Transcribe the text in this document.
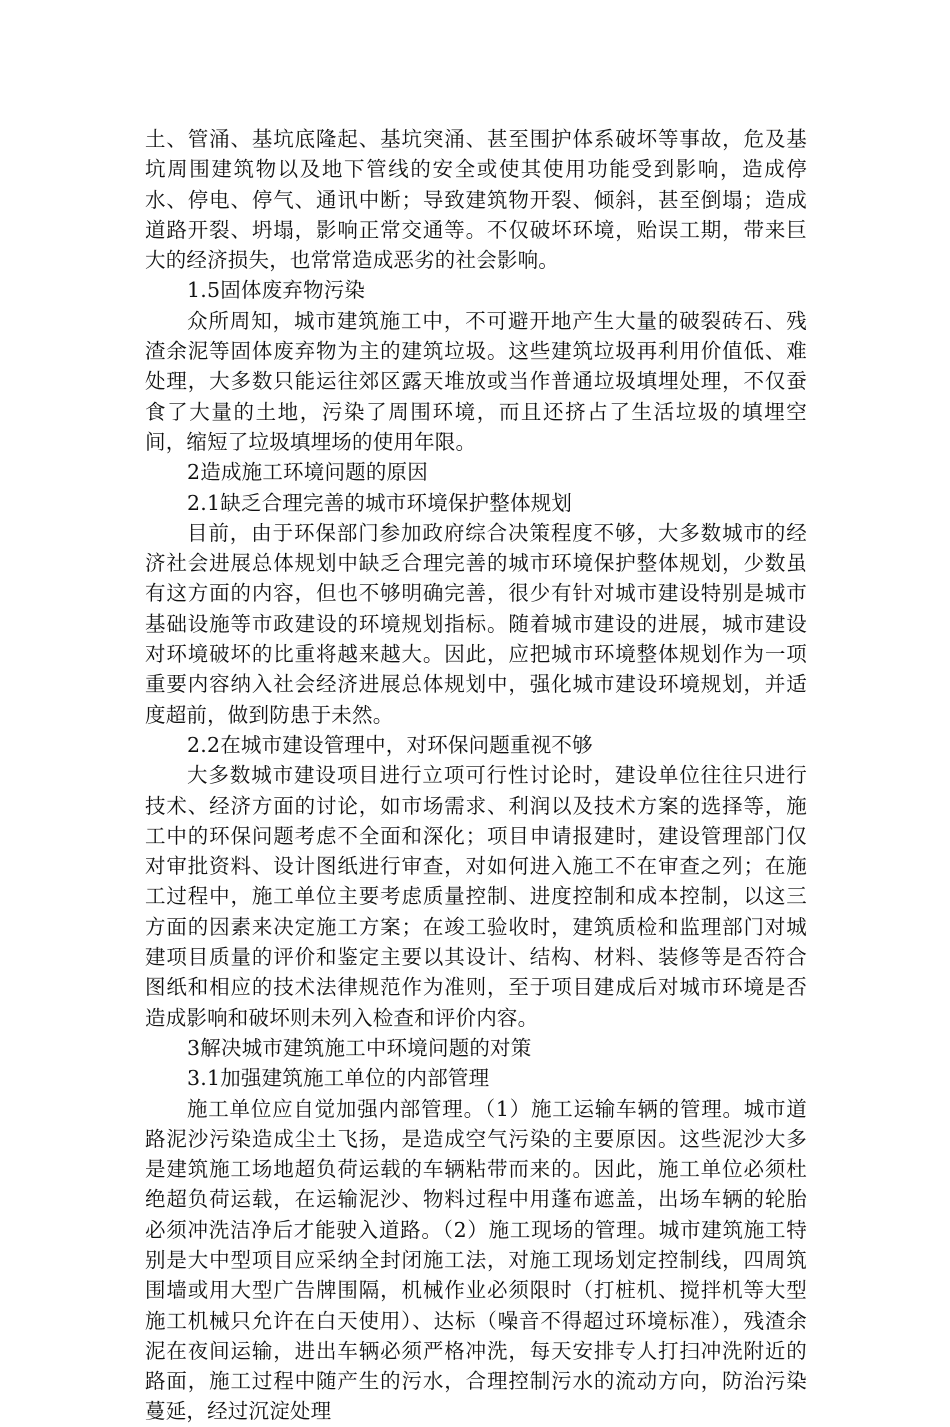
土、管涌、基坑底隆起、基坑突涌、甚至围护体系破坏等事故，危及基坑周围建筑物以及地下管线的安全或使其使用功能受到影响，造成停水、停电、停气、通讯中断；导致建筑物开裂、倾斜，甚至倒塌；造成道路开裂、坍塌，影响正常交通等。不仅破坏环境，贻误工期，带来巨大的经济损失，也常常造成恶劣的社会影响。

1.5固体废弃物污染

众所周知，城市建筑施工中，不可避开地产生大量的破裂砖石、残渣余泥等固体废弃物为主的建筑垃圾。这些建筑垃圾再利用价值低、难处理，大多数只能运往郊区露天堆放或当作普通垃圾填埋处理，不仅蚕食了大量的土地，污染了周围环境，而且还挤占了生活垃圾的填埋空间，缩短了垃圾填埋场的使用年限。

2造成施工环境问题的原因

2.1缺乏合理完善的城市环境保护整体规划

目前，由于环保部门参加政府综合决策程度不够，大多数城市的经济社会进展总体规划中缺乏合理完善的城市环境保护整体规划，少数虽有这方面的内容，但也不够明确完善，很少有针对城市建设特别是城市基础设施等市政建设的环境规划指标。随着城市建设的进展，城市建设对环境破坏的比重将越来越大。因此，应把城市环境整体规划作为一项重要内容纳入社会经济进展总体规划中，强化城市建设环境规划，并适度超前，做到防患于未然。

2.2在城市建设管理中，对环保问题重视不够

大多数城市建设项目进行立项可行性讨论时，建设单位往往只进行技术、经济方面的讨论，如市场需求、利润以及技术方案的选择等，施工中的环保问题考虑不全面和深化；项目申请报建时，建设管理部门仅对审批资料、设计图纸进行审查，对如何进入施工不在审查之列；在施工过程中，施工单位主要考虑质量控制、进度控制和成本控制，以这三方面的因素来决定施工方案；在竣工验收时，建筑质检和监理部门对城建项目质量的评价和鉴定主要以其设计、结构、材料、装修等是否符合图纸和相应的技术法律规范作为准则，至于项目建成后对城市环境是否造成影响和破坏则未列入检查和评价内容。

3解决城市建筑施工中环境问题的对策

3.1加强建筑施工单位的内部管理

施工单位应自觉加强内部管理。（1）施工运输车辆的管理。城市道路泥沙污染造成尘土飞扬，是造成空气污染的主要原因。这些泥沙大多是建筑施工场地超负荷运载的车辆粘带而来的。因此，施工单位必须杜绝超负荷运载，在运输泥沙、物料过程中用蓬布遮盖，出场车辆的轮胎必须冲洗洁净后才能驶入道路。（2）施工现场的管理。城市建筑施工特别是大中型项目应采纳全封闭施工法，对施工现场划定控制线，四周筑围墙或用大型广告牌围隔，机械作业必须限时（打桩机、搅拌机等大型施工机械只允许在白天使用）、达标（噪音不得超过环境标准），残渣余泥在夜间运输，进出车辆必须严格冲洗，每天安排专人打扫冲洗附近的路面，施工过程中随产生的污水，合理控制污水的流动方向，防治污染蔓延，经过沉淀处理
